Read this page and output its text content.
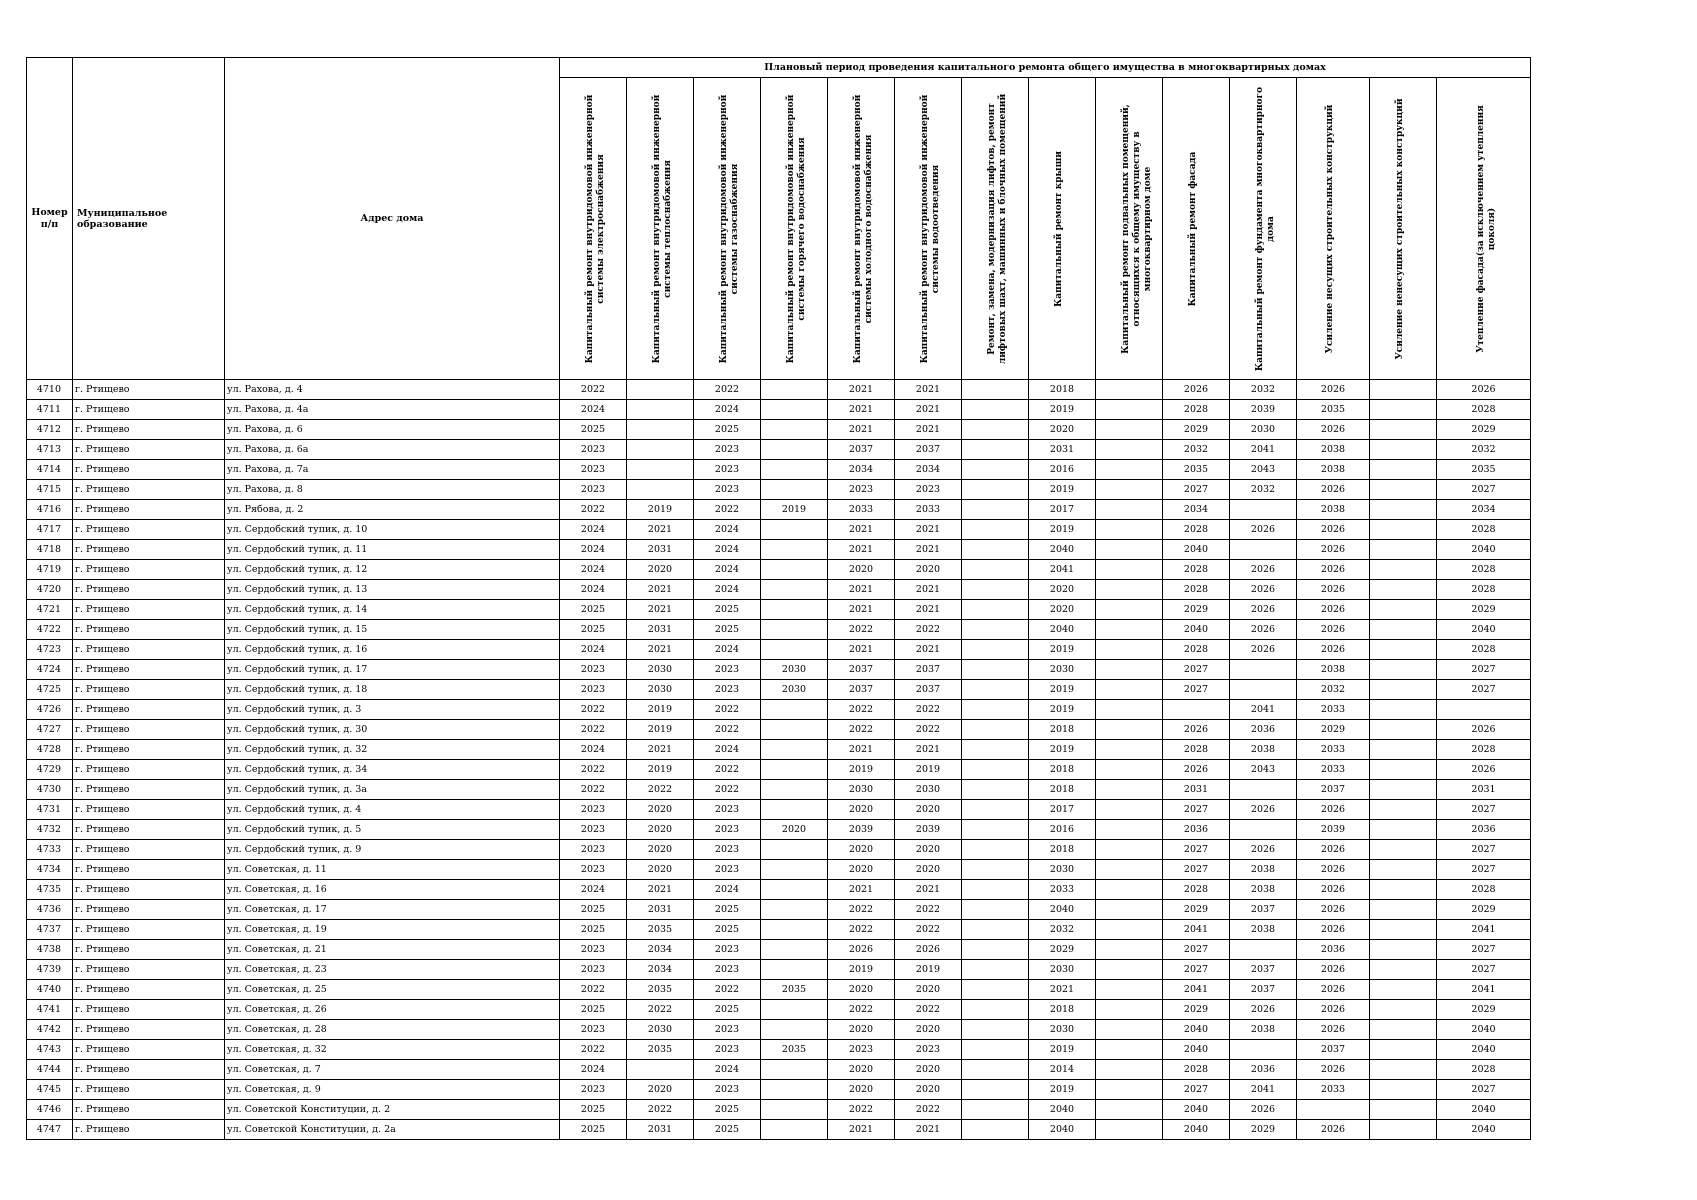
Номер п/п	Муниципальное образование	Адрес дома	Плановый период проведения капитального ремонта общего имущества в многоквартирных домах													

			Капитальный ремонт внутридомовой инженерной системы электроснабжения	Капитальный ремонт внутридомовой инженерной системы теплоснабжения	Капитальный ремонт внутридомовой инженерной системы газоснабжения	Капитальный ремонт внутридомовой инженерной системы горячего водоснабжения	Капитальный ремонт внутридомовой инженерной системы холодного водоснабжения	Капитальный ремонт внутридомовой инженерной системы водоотведения	Ремонт, замена, модернизация лифтов, ремонт лифтовых шахт, машинных и блочных помещений	Капитальный ремонт крыши	Капитальный ремонт подвальных помещений, относящихся к общему имуществу в многоквартирном доме	Капитальный ремонт фасада	Капитальный ремонт фундамента многоквартирного дома	Усиление несущих строительных конструкций	Усиление ненесущих строительных конструкций	Утепление фасада(за исключением утепления цоколя)

4710	г. Ртищево	ул. Рахова, д. 4	2022		2022		2021	2021		2018		2026	2032	2026		2026
4711	г. Ртищево	ул. Рахова, д. 4а	2024		2024		2021	2021		2019		2028	2039	2035		2028
4712	г. Ртищево	ул. Рахова, д. 6	2025		2025		2021	2021		2020		2029	2030	2026		2029
4713	г. Ртищево	ул. Рахова, д. 6а	2023		2023		2037	2037		2031		2032	2041	2038		2032
4714	г. Ртищево	ул. Рахова, д. 7а	2023		2023		2034	2034		2016		2035	2043	2038		2035
4715	г. Ртищево	ул. Рахова, д. 8	2023		2023		2023	2023		2019		2027	2032	2026		2027
4716	г. Ртищево	ул. Рябова, д. 2	2022	2019	2022	2019	2033	2033		2017		2034		2038		2034
4717	г. Ртищево	ул. Сердобский тупик, д. 10	2024	2021	2024		2021	2021		2019		2028	2026	2026		2028
4718	г. Ртищево	ул. Сердобский тупик, д. 11	2024	2031	2024		2021	2021		2040		2040		2026		2040
4719	г. Ртищево	ул. Сердобский тупик, д. 12	2024	2020	2024		2020	2020		2041		2028	2026	2026		2028
4720	г. Ртищево	ул. Сердобский тупик, д. 13	2024	2021	2024		2021	2021		2020		2028	2026	2026		2028
4721	г. Ртищево	ул. Сердобский тупик, д. 14	2025	2021	2025		2021	2021		2020		2029	2026	2026		2029
4722	г. Ртищево	ул. Сердобский тупик, д. 15	2025	2031	2025		2022	2022		2040		2040	2026	2026		2040
4723	г. Ртищево	ул. Сердобский тупик, д. 16	2024	2021	2024		2021	2021		2019		2028	2026	2026		2028
4724	г. Ртищево	ул. Сердобский тупик, д. 17	2023	2030	2023	2030	2037	2037		2030		2027		2038		2027
4725	г. Ртищево	ул. Сердобский тупик, д. 18	2023	2030	2023	2030	2037	2037		2019		2027		2032		2027
4726	г. Ртищево	ул. Сердобский тупик, д. 3	2022	2019	2022		2022	2022		2019			2041	2033		
4727	г. Ртищево	ул. Сердобский тупик, д. 30	2022	2019	2022		2022	2022		2018		2026	2036	2029		2026
4728	г. Ртищево	ул. Сердобский тупик, д. 32	2024	2021	2024		2021	2021		2019		2028	2038	2033		2028
4729	г. Ртищево	ул. Сердобский тупик, д. 34	2022	2019	2022		2019	2019		2018		2026	2043	2033		2026
4730	г. Ртищево	ул. Сердобский тупик, д. 3а	2022	2022	2022		2030	2030		2018		2031		2037		2031
4731	г. Ртищево	ул. Сердобский тупик, д. 4	2023	2020	2023		2020	2020		2017		2027	2026	2026		2027
4732	г. Ртищево	ул. Сердобский тупик, д. 5	2023	2020	2023	2020	2039	2039		2016		2036		2039		2036
4733	г. Ртищево	ул. Сердобский тупик, д. 9	2023	2020	2023		2020	2020		2018		2027	2026	2026		2027
4734	г. Ртищево	ул. Советская, д. 11	2023	2020	2023		2020	2020		2030		2027	2038	2026		2027
4735	г. Ртищево	ул. Советская, д. 16	2024	2021	2024		2021	2021		2033		2028	2038	2026		2028
4736	г. Ртищево	ул. Советская, д. 17	2025	2031	2025		2022	2022		2040		2029	2037	2026		2029
4737	г. Ртищево	ул. Советская, д. 19	2025	2035	2025		2022	2022		2032		2041	2038	2026		2041
4738	г. Ртищево	ул. Советская, д. 21	2023	2034	2023		2026	2026		2029		2027		2036		2027
4739	г. Ртищево	ул. Советская, д. 23	2023	2034	2023		2019	2019		2030		2027	2037	2026		2027
4740	г. Ртищево	ул. Советская, д. 25	2022	2035	2022	2035	2020	2020		2021		2041	2037	2026		2041
4741	г. Ртищево	ул. Советская, д. 26	2025	2022	2025		2022	2022		2018		2029	2026	2026		2029
4742	г. Ртищево	ул. Советская, д. 28	2023	2030	2023		2020	2020		2030		2040	2038	2026		2040
4743	г. Ртищево	ул. Советская, д. 32	2022	2035	2023	2035	2023	2023		2019		2040		2037		2040
4744	г. Ртищево	ул. Советская, д. 7	2024		2024		2020	2020		2014		2028	2036	2026		2028
4745	г. Ртищево	ул. Советская, д. 9	2023	2020	2023		2020	2020		2019		2027	2041	2033		2027
4746	г. Ртищево	ул. Советской Конституции, д. 2	2025	2022	2025		2022	2022		2040		2040	2026			2040
4747	г. Ртищево	ул. Советской Конституции, д. 2а	2025	2031	2025		2021	2021		2040		2040	2029	2026		2040
